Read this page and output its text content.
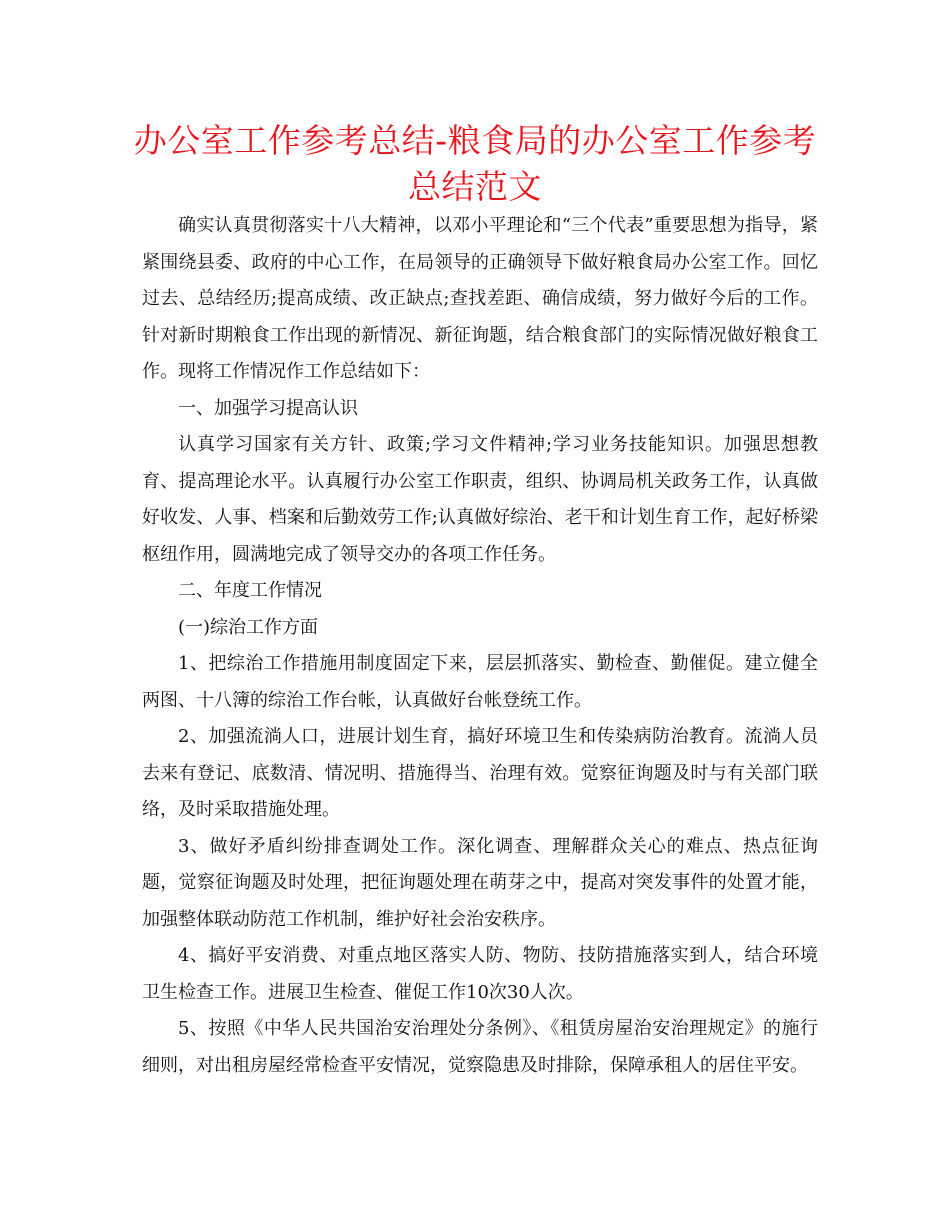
办公室工作参考总结-粮食局的办公室工作参考总结范文

确实认真贯彻落实十八大精神，以邓小平理论和“三个代表”重要思想为指导，紧紧围绕县委、政府的中心工作，在局领导的正确领导下做好粮食局办公室工作。回忆过去、总结经历;提高成绩、改正缺点;查找差距、确信成绩，努力做好今后的工作。针对新时期粮食工作出现的新情况、新征询题，结合粮食部门的实际情况做好粮食工作。现将工作情况作工作总结如下：

一、加强学习提高认识

认真学习国家有关方针、政策;学习文件精神;学习业务技能知识。加强思想教育、提高理论水平。认真履行办公室工作职责，组织、协调局机关政务工作，认真做好收发、人事、档案和后勤效劳工作;认真做好综治、老干和计划生育工作，起好桥梁枢纽作用，圆满地完成了领导交办的各项工作任务。

二、年度工作情况

(一)综治工作方面

1、把综治工作措施用制度固定下来，层层抓落实、勤检查、勤催促。建立健全两图、十八簿的综治工作台帐，认真做好台帐登统工作。

2、加强流淌人口，进展计划生育，搞好环境卫生和传染病防治教育。流淌人员去来有登记、底数清、情况明、措施得当、治理有效。觉察征询题及时与有关部门联络，及时采取措施处理。

3、做好矛盾纠纷排查调处工作。深化调查、理解群众关心的难点、热点征询题，觉察征询题及时处理，把征询题处理在萌芽之中，提高对突发事件的处置才能，加强整体联动防范工作机制，维护好社会治安秩序。

4、搞好平安消费、对重点地区落实人防、物防、技防措施落实到人，结合环境卫生检查工作。进展卫生检查、催促工作10次30人次。

5、按照《中华人民共国治安治理处分条例》、《租赁房屋治安治理规定》的施行细则，对出租房屋经常检查平安情况，觉察隐患及时排除，保障承租人的居住平安。
